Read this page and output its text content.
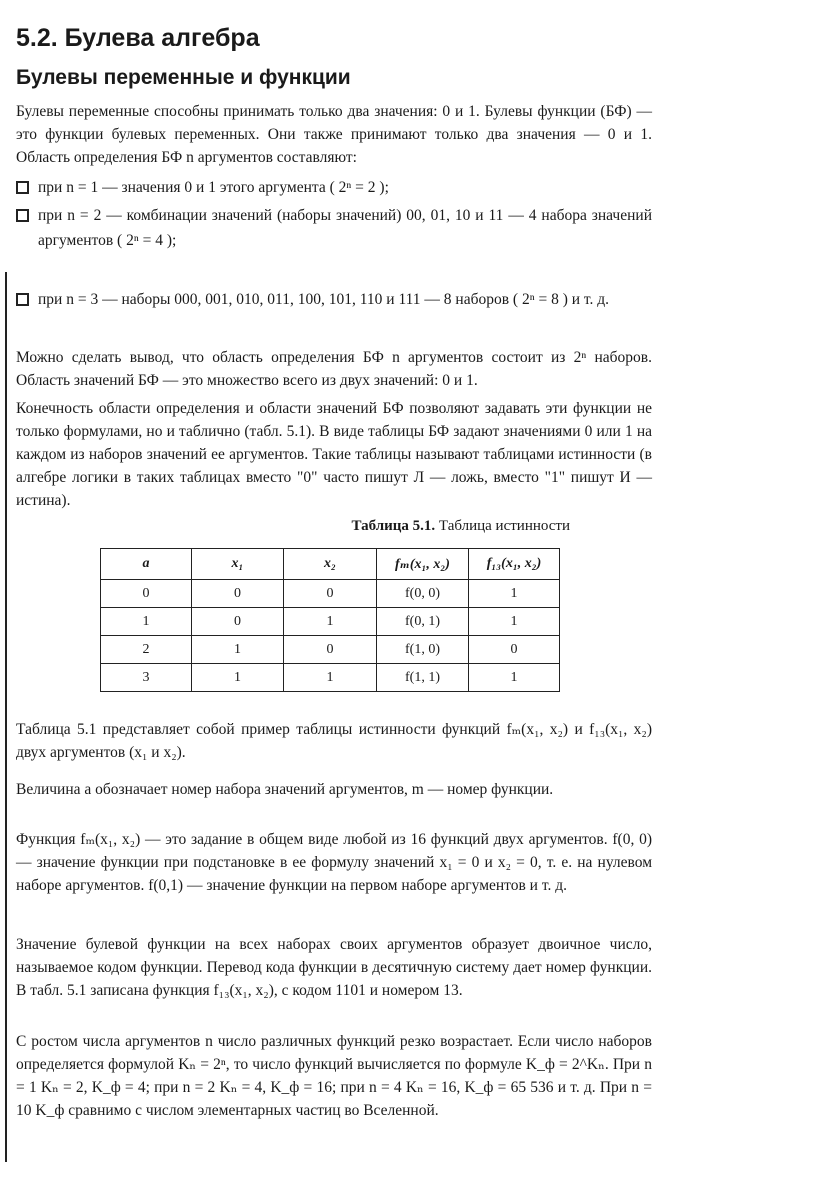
5.2. Булева алгебра
Булевы переменные и функции

Булевы переменные способны принимать только два значения: 0 и 1. Булевы функции (БФ) — это функции булевых переменных. Они также принимают только два значения — 0 и 1. Область определения БФ n аргументов составляют:

при n = 1 — значения 0 и 1 этого аргумента ( 2ⁿ = 2 );
при n = 2 — комбинации значений (наборы значений) 00, 01, 10 и 11 — 4 набора значений аргументов ( 2ⁿ = 4 );
при n = 3 — наборы 000, 001, 010, 011, 100, 101, 110 и 111 — 8 наборов ( 2ⁿ = 8 ) и т. д.

Можно сделать вывод, что область определения БФ n аргументов состоит из 2ⁿ наборов. Область значений БФ — это множество всего из двух значений: 0 и 1.

Конечность области определения и области значений БФ позволяют задавать эти функции не только формулами, но и таблично (табл. 5.1). В виде таблицы БФ задают значениями 0 или 1 на каждом из наборов значений ее аргументов. Такие таблицы называют таблицами истинности (в алгебре логики в таких таблицах вместо "0" часто пишут Л — ложь, вместо "1" пишут И — истина).

Таблица 5.1. Таблица истинности
a	x₁	x₂	fₘ(x₁, x₂)	f₁₃(x₁, x₂)
0	0	0	f(0, 0)	1
1	0	1	f(0, 1)	1
2	1	0	f(1, 0)	0
3	1	1	f(1, 1)	1

Таблица 5.1 представляет собой пример таблицы истинности функций fₘ(x₁, x₂) и f₁₃(x₁, x₂) двух аргументов (x₁ и x₂).

Величина a обозначает номер набора значений аргументов, m — номер функции.

Функция fₘ(x₁, x₂) — это задание в общем виде любой из 16 функций двух аргументов. f(0, 0) — значение функции при подстановке в ее формулу значений x₁ = 0 и x₂ = 0, т. е. на нулевом наборе аргументов. f(0,1) — значение функции на первом наборе аргументов и т. д.

Значение булевой функции на всех наборах своих аргументов образует двоичное число, называемое кодом функции. Перевод кода функции в десятичную систему дает номер функции. В табл. 5.1 записана функция f₁₃(x₁, x₂), с кодом 1101 и номером 13.

С ростом числа аргументов n число различных функций резко возрастает. Если число наборов определяется формулой Kₙ = 2ⁿ, то число функций вычисляется по формуле K_ф = 2^Kₙ. При n = 1 Kₙ = 2, K_ф = 4; при n = 2 Kₙ = 4, K_ф = 16; при n = 4 Kₙ = 16, K_ф = 65 536 и т. д. При n = 10 K_ф сравнимо с числом элементарных частиц во Вселенной.
